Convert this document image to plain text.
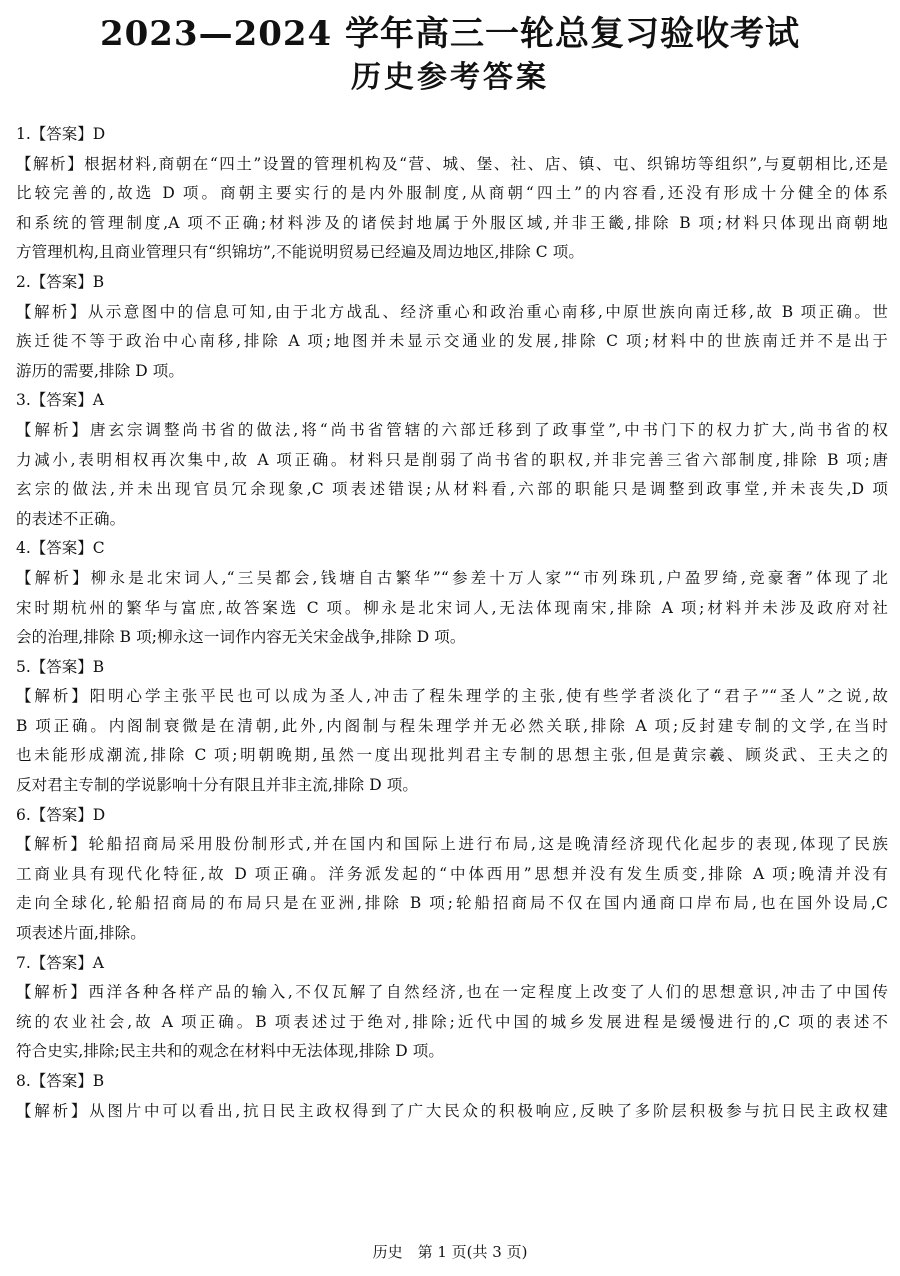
2023—2024 学年高三一轮总复习验收考试
历史参考答案
1.【答案】D
【解析】根据材料,商朝在“四土”设置的管理机构及“营、城、堡、社、店、镇、屯、织锦坊等组织”,与夏朝相比,还是
比较完善的,故选 D 项。商朝主要实行的是内外服制度,从商朝“四土”的内容看,还没有形成十分健全的体系
和系统的管理制度,A 项不正确;材料涉及的诸侯封地属于外服区域,并非王畿,排除 B 项;材料只体现出商朝地
方管理机构,且商业管理只有“织锦坊”,不能说明贸易已经遍及周边地区,排除 C 项。
2.【答案】B
【解析】从示意图中的信息可知,由于北方战乱、经济重心和政治重心南移,中原世族向南迁移,故 B 项正确。世
族迁徙不等于政治中心南移,排除 A 项;地图并未显示交通业的发展,排除 C 项;材料中的世族南迁并不是出于
游历的需要,排除 D 项。
3.【答案】A
【解析】唐玄宗调整尚书省的做法,将“尚书省管辖的六部迁移到了政事堂”,中书门下的权力扩大,尚书省的权
力减小,表明相权再次集中,故 A 项正确。材料只是削弱了尚书省的职权,并非完善三省六部制度,排除 B 项;唐
玄宗的做法,并未出现官员冗余现象,C 项表述错误;从材料看,六部的职能只是调整到政事堂,并未丧失,D 项
的表述不正确。
4.【答案】C
【解析】柳永是北宋词人,“三吴都会,钱塘自古繁华”“参差十万人家”“市列珠玑,户盈罗绮,竞豪奢”体现了北
宋时期杭州的繁华与富庶,故答案选 C 项。柳永是北宋词人,无法体现南宋,排除 A 项;材料并未涉及政府对社
会的治理,排除 B 项;柳永这一词作内容无关宋金战争,排除 D 项。
5.【答案】B
【解析】阳明心学主张平民也可以成为圣人,冲击了程朱理学的主张,使有些学者淡化了“君子”“圣人”之说,故
B 项正确。内阁制衰微是在清朝,此外,内阁制与程朱理学并无必然关联,排除 A 项;反封建专制的文学,在当时
也未能形成潮流,排除 C 项;明朝晚期,虽然一度出现批判君主专制的思想主张,但是黄宗羲、顾炎武、王夫之的
反对君主专制的学说影响十分有限且并非主流,排除 D 项。
6.【答案】D
【解析】轮船招商局采用股份制形式,并在国内和国际上进行布局,这是晚清经济现代化起步的表现,体现了民族
工商业具有现代化特征,故 D 项正确。洋务派发起的“中体西用”思想并没有发生质变,排除 A 项;晚清并没有
走向全球化,轮船招商局的布局只是在亚洲,排除 B 项;轮船招商局不仅在国内通商口岸布局,也在国外设局,C
项表述片面,排除。
7.【答案】A
【解析】西洋各种各样产品的输入,不仅瓦解了自然经济,也在一定程度上改变了人们的思想意识,冲击了中国传
统的农业社会,故 A 项正确。B 项表述过于绝对,排除;近代中国的城乡发展进程是缓慢进行的,C 项的表述不
符合史实,排除;民主共和的观念在材料中无法体现,排除 D 项。
8.【答案】B
【解析】从图片中可以看出,抗日民主政权得到了广大民众的积极响应,反映了多阶层积极参与抗日民主政权建
历史　第 1 页(共 3 页)
